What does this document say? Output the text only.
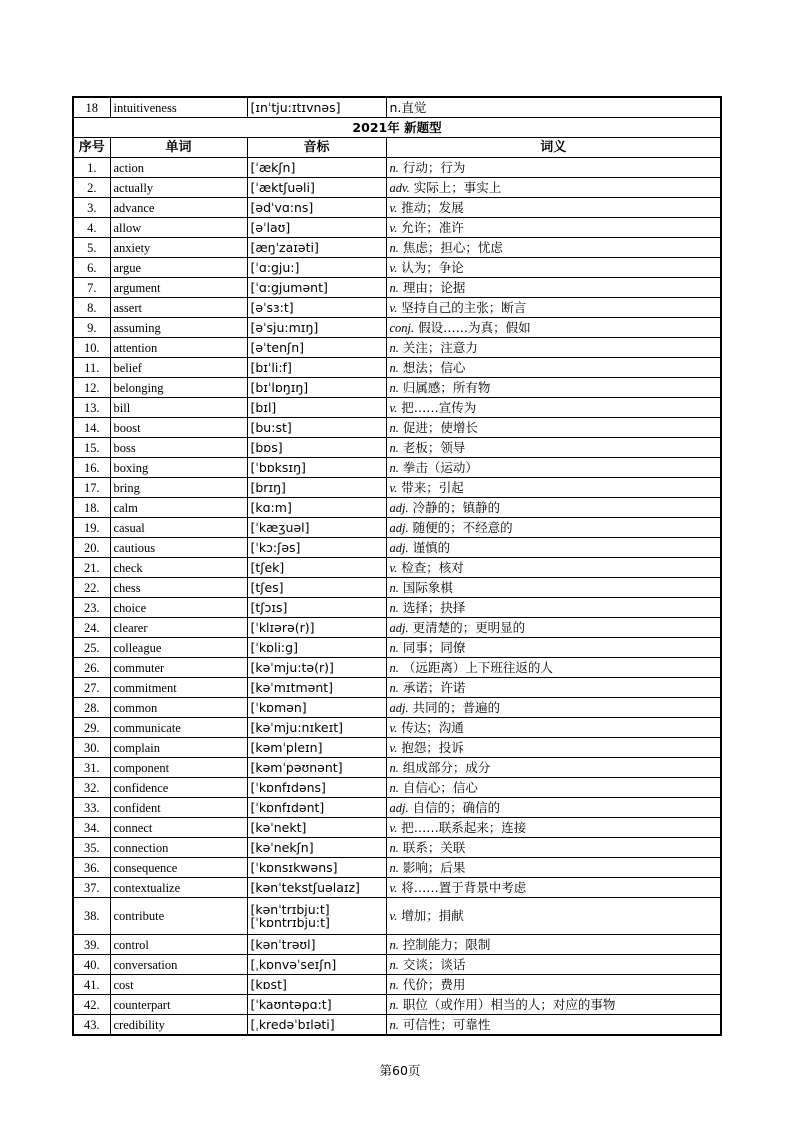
18	intuitiveness	[ɪnˈtju:ɪtɪvnəs]	n.直觉
2021年 新题型			
序号	单词	音标	词义
1.	action	[ˈækʃn]	n. 行动；行为
2.	actually	[ˈæktʃuəli]	adv. 实际上；事实上
3.	advance	[ədˈvɑ:ns]	v. 推动；发展
4.	allow	[əˈlaʊ]	v. 允许；准许
5.	anxiety	[æŋˈzaɪəti]	n. 焦虑；担心；忧虑
6.	argue	[ˈɑ:gju:]	v. 认为；争论
7.	argument	[ˈɑ:gjumənt]	n. 理由；论据
8.	assert	[əˈsɜ:t]	v. 坚持自己的主张；断言
9.	assuming	[əˈsju:mɪŋ]	conj. 假设……为真；假如
10.	attention	[əˈtenʃn]	n. 关注；注意力
11.	belief	[bɪˈli:f]	n. 想法；信心
12.	belonging	[bɪˈlɒŋɪŋ]	n. 归属感；所有物
13.	bill	[bɪl]	v. 把……宣传为
14.	boost	[bu:st]	n. 促进；使增长
15.	boss	[bɒs]	n. 老板；领导
16.	boxing	[ˈbɒksɪŋ]	n. 拳击（运动）
17.	bring	[brɪŋ]	v. 带来；引起
18.	calm	[kɑ:m]	adj. 冷静的；镇静的
19.	casual	[ˈkæʒuəl]	adj. 随便的；不经意的
20.	cautious	[ˈkɔ:ʃəs]	adj. 谨慎的
21.	check	[tʃek]	v. 检查；核对
22.	chess	[tʃes]	n. 国际象棋
23.	choice	[tʃɔɪs]	n. 选择；抉择
24.	clearer	[ˈklɪərə(r)]	adj. 更清楚的；更明显的
25.	colleague	[ˈkɒli:g]	n. 同事；同僚
26.	commuter	[kəˈmju:tə(r)]	n. （远距离）上下班往返的人
27.	commitment	[kəˈmɪtmənt]	n. 承诺；许诺
28.	common	[ˈkɒmən]	adj. 共同的；普遍的
29.	communicate	[kəˈmju:nɪkeɪt]	v. 传达；沟通
30.	complain	[kəmˈpleɪn]	v. 抱怨；投诉
31.	component	[kəmˈpəʊnənt]	n. 组成部分；成分
32.	confidence	[ˈkɒnfɪdəns]	n. 自信心；信心
33.	confident	[ˈkɒnfɪdənt]	adj. 自信的；确信的
34.	connect	[kəˈnekt]	v. 把……联系起来；连接
35.	connection	[kəˈnekʃn]	n. 联系；关联
36.	consequence	[ˈkɒnsɪkwəns]	n. 影响；后果
37.	contextualize	[kənˈtekstʃuəlaɪz]	v. 将……置于背景中考虑
38.	contribute	[kənˈtrɪbju:t] [ˈkɒntrɪbju:t]	v. 增加；捐献
39.	control	[kənˈtrəʊl]	n. 控制能力；限制
40.	conversation	[ˌkɒnvəˈseɪʃn]	n. 交谈；谈话
41.	cost	[kɒst]	n. 代价；费用
42.	counterpart	[ˈkaʊntəpɑ:t]	n. 职位（或作用）相当的人；对应的事物
43.	credibility	[ˌkredəˈbɪləti]	n. 可信性；可靠性
第60页
